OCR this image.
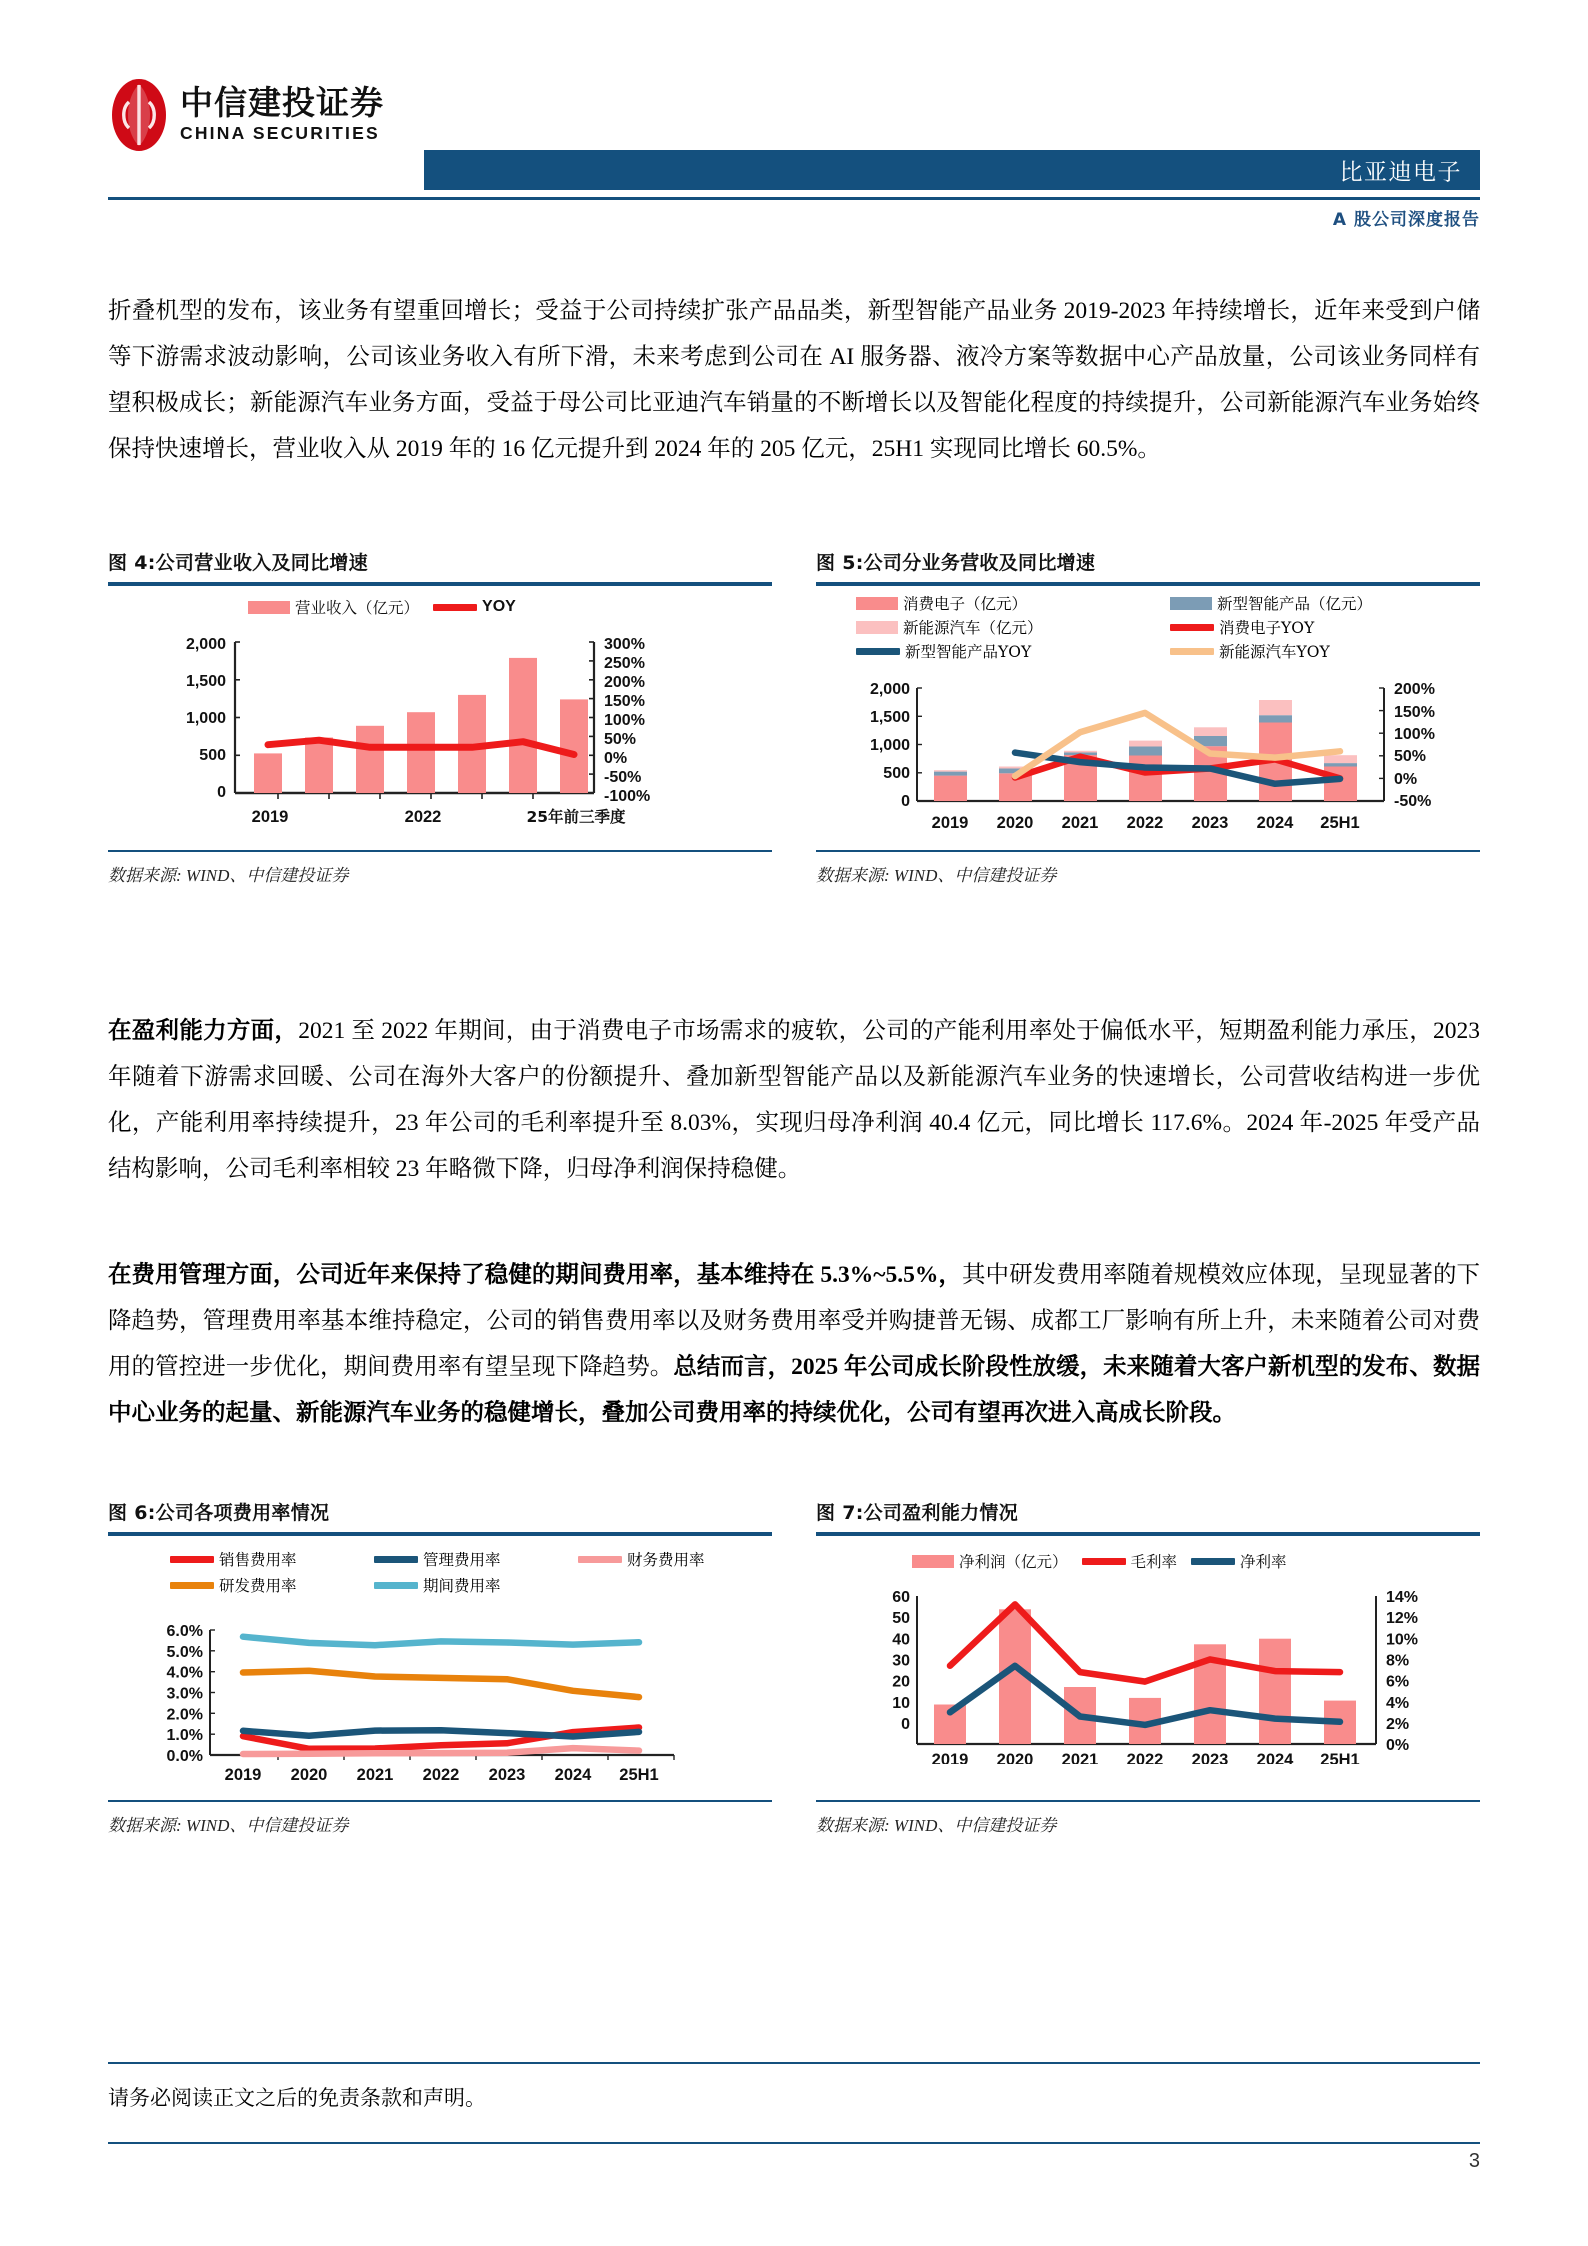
中信建投证券
CHINA SECURITIES
比亚迪电子
A 股公司深度报告
折叠机型的发布，该业务有望重回增长；受益于公司持续扩张产品品类，新型智能产品业务 2019-2023 年持续增长，近年来受到户储等下游需求波动影响，公司该业务收入有所下滑，未来考虑到公司在 AI 服务器、液冷方案等数据中心产品放量，公司该业务同样有望积极成长；新能源汽车业务方面，受益于母公司比亚迪汽车销量的不断增长以及智能化程度的持续提升，公司新能源汽车业务始终保持快速增长，营业收入从 2019 年的 16 亿元提升到 2024 年的 205 亿元，25H1 实现同比增长 60.5%。
图 4:公司营业收入及同比增速
营业收入（亿元）	YOY
2,000
1,500
1,000
500
0
300%
250%
200%
150%
100%
50%
0%
-50%
-100%
2019	2022	25年前三季度
数据来源: WIND、中信建投证券
图 5:公司分业务营收及同比增速
消费电子（亿元）	新型智能产品（亿元）
新能源汽车（亿元）	消费电子YOY
新型智能产品YOY	新能源汽车YOY
2,000
1,500
1,000
500
0
200%
150%
100%
50%
0%
-50%
2019 2020 2021 2022 2023 2024 25H1
数据来源: WIND、中信建投证券
在盈利能力方面，2021 至 2022 年期间，由于消费电子市场需求的疲软，公司的产能利用率处于偏低水平，短期盈利能力承压，2023 年随着下游需求回暖、公司在海外大客户的份额提升、叠加新型智能产品以及新能源汽车业务的快速增长，公司营收结构进一步优化，产能利用率持续提升，23 年公司的毛利率提升至 8.03%，实现归母净利润 40.4 亿元，同比增长 117.6%。2024 年-2025 年受产品结构影响，公司毛利率相较 23 年略微下降，归母净利润保持稳健。
在费用管理方面，公司近年来保持了稳健的期间费用率，基本维持在 5.3%~5.5%，其中研发费用率随着规模效应体现，呈现显著的下降趋势，管理费用率基本维持稳定，公司的销售费用率以及财务费用率受并购捷普无锡、成都工厂影响有所上升，未来随着公司对费用的管控进一步优化，期间费用率有望呈现下降趋势。总结而言，2025 年公司成长阶段性放缓，未来随着大客户新机型的发布、数据中心业务的起量、新能源汽车业务的稳健增长，叠加公司费用率的持续优化，公司有望再次进入高成长阶段。
图 6:公司各项费用率情况
销售费用率	管理费用率	财务费用率
研发费用率	期间费用率
6.0%
5.0%
4.0%
3.0%
2.0%
1.0%
0.0%
2019 2020 2021 2022 2023 2024 25H1
数据来源: WIND、中信建投证券
图 7:公司盈利能力情况
净利润（亿元）	毛利率	净利率
60
50
40
30
20
10
0
14%
12%
10%
8%
6%
4%
2%
0%
2019 2020 2021 2022 2023 2024 25H1
数据来源: WIND、中信建投证券
请务必阅读正文之后的免责条款和声明。
3
